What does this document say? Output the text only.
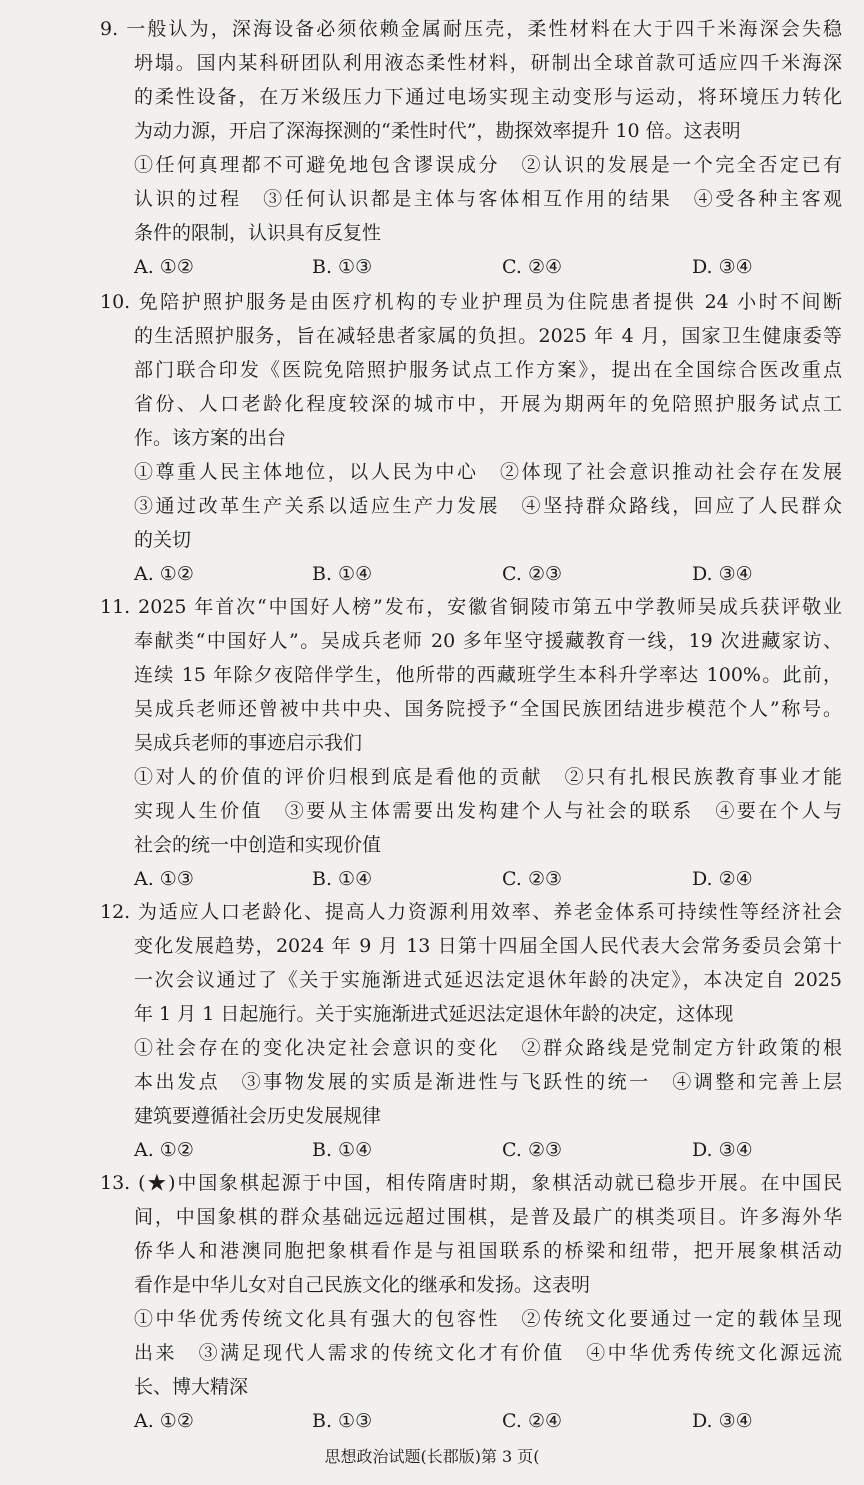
9. 一般认为，深海设备必须依赖金属耐压壳，柔性材料在大于四千米海深会失稳
坍塌。国内某科研团队利用液态柔性材料，研制出全球首款可适应四千米海深
的柔性设备，在万米级压力下通过电场实现主动变形与运动，将环境压力转化
为动力源，开启了深海探测的“柔性时代”，勘探效率提升 10 倍。这表明
①任何真理都不可避免地包含谬误成分　②认识的发展是一个完全否定已有
认识的过程　③任何认识都是主体与客体相互作用的结果　④受各种主客观
条件的限制，认识具有反复性
A. ①②	B. ①③	C. ②④	D. ③④
10. 免陪护照护服务是由医疗机构的专业护理员为住院患者提供 24 小时不间断
的生活照护服务，旨在减轻患者家属的负担。2025 年 4 月，国家卫生健康委等
部门联合印发《医院免陪照护服务试点工作方案》，提出在全国综合医改重点
省份、人口老龄化程度较深的城市中，开展为期两年的免陪照护服务试点工
作。该方案的出台
①尊重人民主体地位，以人民为中心　②体现了社会意识推动社会存在发展
③通过改革生产关系以适应生产力发展　④坚持群众路线，回应了人民群众
的关切
A. ①②	B. ①④	C. ②③	D. ③④
11. 2025 年首次“中国好人榜”发布，安徽省铜陵市第五中学教师吴成兵获评敬业
奉献类“中国好人”。吴成兵老师 20 多年坚守援藏教育一线，19 次进藏家访、
连续 15 年除夕夜陪伴学生，他所带的西藏班学生本科升学率达 100%。此前，
吴成兵老师还曾被中共中央、国务院授予“全国民族团结进步模范个人”称号。
吴成兵老师的事迹启示我们
①对人的价值的评价归根到底是看他的贡献　②只有扎根民族教育事业才能
实现人生价值　③要从主体需要出发构建个人与社会的联系　④要在个人与
社会的统一中创造和实现价值
A. ①③	B. ①④	C. ②③	D. ②④
12. 为适应人口老龄化、提高人力资源利用效率、养老金体系可持续性等经济社会
变化发展趋势，2024 年 9 月 13 日第十四届全国人民代表大会常务委员会第十
一次会议通过了《关于实施渐进式延迟法定退休年龄的决定》，本决定自 2025
年 1 月 1 日起施行。关于实施渐进式延迟法定退休年龄的决定，这体现
①社会存在的变化决定社会意识的变化　②群众路线是党制定方针政策的根
本出发点　③事物发展的实质是渐进性与飞跃性的统一　④调整和完善上层
建筑要遵循社会历史发展规律
A. ①②	B. ①④	C. ②③	D. ③④
13. (★)中国象棋起源于中国，相传隋唐时期，象棋活动就已稳步开展。在中国民
间，中国象棋的群众基础远远超过围棋，是普及最广的棋类项目。许多海外华
侨华人和港澳同胞把象棋看作是与祖国联系的桥梁和纽带，把开展象棋活动
看作是中华儿女对自己民族文化的继承和发扬。这表明
①中华优秀传统文化具有强大的包容性　②传统文化要通过一定的载体呈现
出来　③满足现代人需求的传统文化才有价值　④中华优秀传统文化源远流
长、博大精深
A. ①②	B. ①③	C. ②④	D. ③④
思想政治试题(长郡版)第 3 页(
